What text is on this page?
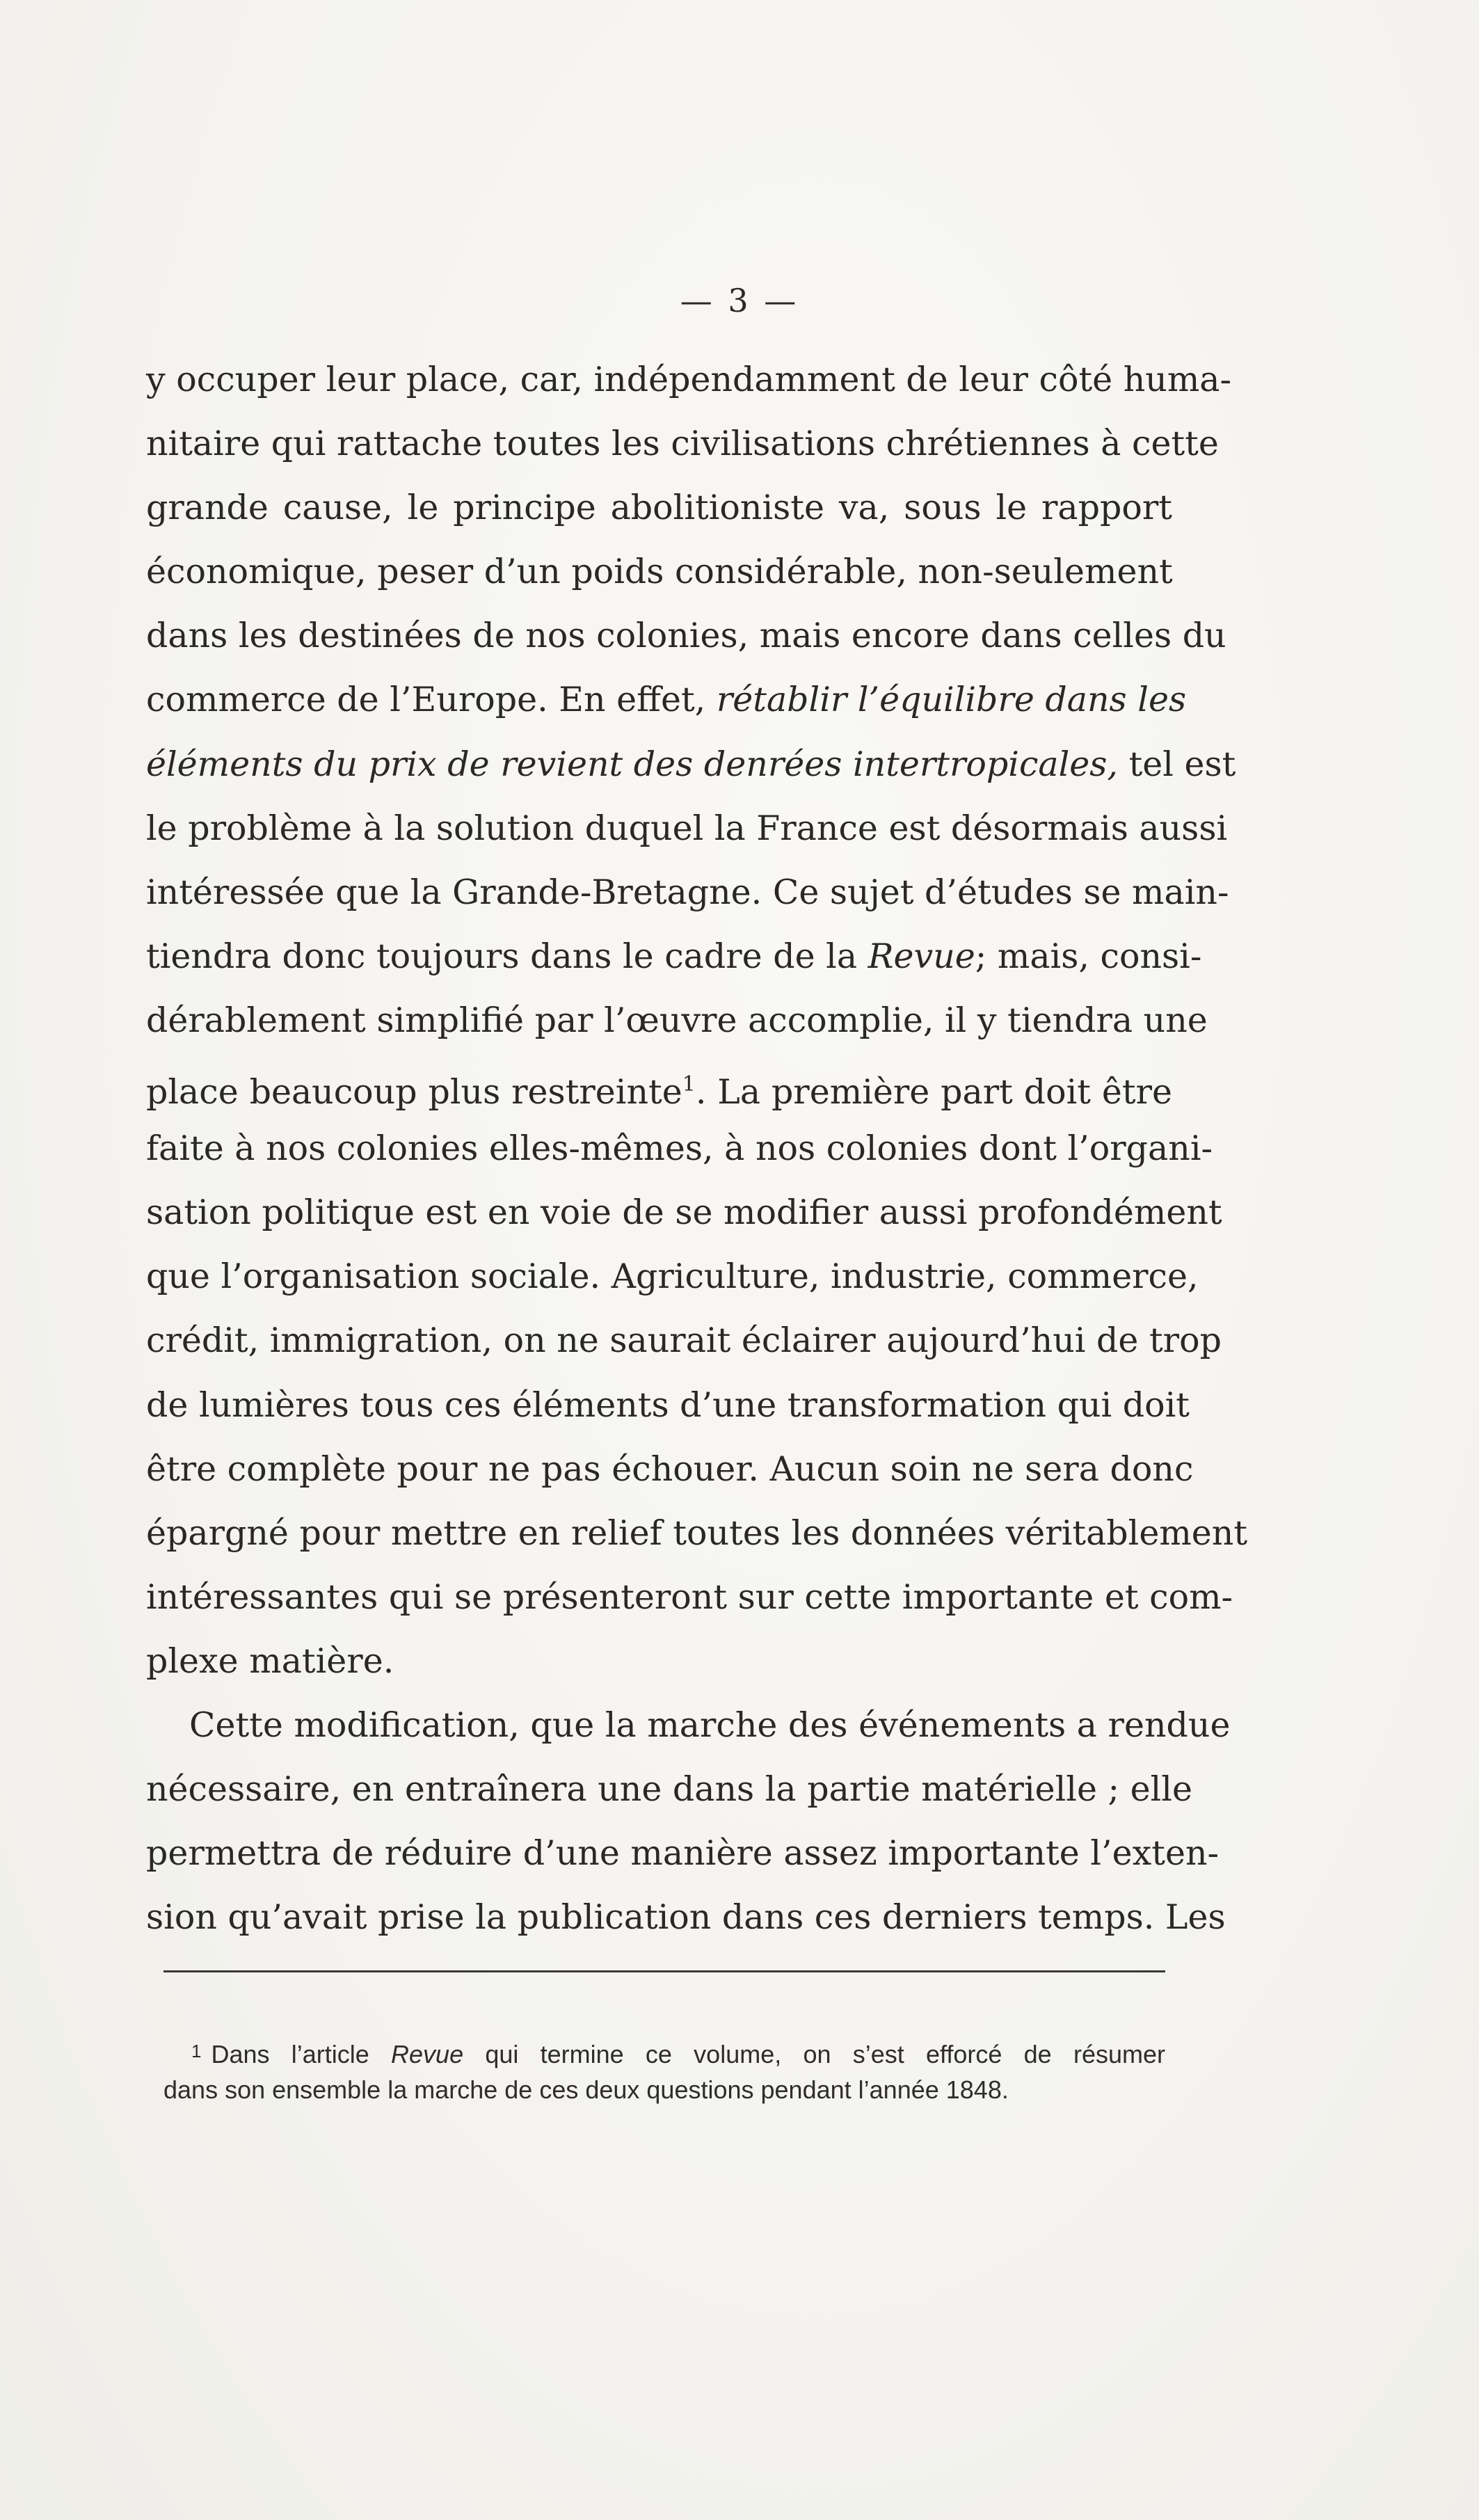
— 3 —
y occuper leur place, car, indépendamment de leur côté huma-
nitaire qui rattache toutes les civilisations chrétiennes à cette
grande cause, le principe abolitioniste va, sous le rapport
économique, peser d’un poids considérable, non-seulement
dans les destinées de nos colonies, mais encore dans celles du
commerce de l’Europe. En effet, rétablir l’équilibre dans les
éléments du prix de revient des denrées intertropicales, tel est
le problème à la solution duquel la France est désormais aussi
intéressée que la Grande-Bretagne. Ce sujet d’études se main-
tiendra donc toujours dans le cadre de la Revue; mais, consi-
dérablement simplifié par l’œuvre accomplie, il y tiendra une
place beaucoup plus restreinte$^1$. La première part doit être
faite à nos colonies elles-mêmes, à nos colonies dont l’organi-
sation politique est en voie de se modifier aussi profondément
que l’organisation sociale. Agriculture, industrie, commerce,
crédit, immigration, on ne saurait éclairer aujourd’hui de trop
de lumières tous ces éléments d’une transformation qui doit
être complète pour ne pas échouer. Aucun soin ne sera donc
épargné pour mettre en relief toutes les données véritablement
intéressantes qui se présenteront sur cette importante et com-
plexe matière.
Cette modification, que la marche des événements a rendue
nécessaire, en entraînera une dans la partie matérielle ; elle
permettra de réduire d’une manière assez importante l’exten-
sion qu’avait prise la publication dans ces derniers temps. Les
$^1$ Dans l’article Revue qui termine ce volume, on s’est efforcé de résumer
dans son ensemble la marche de ces deux questions pendant l’année 1848.
